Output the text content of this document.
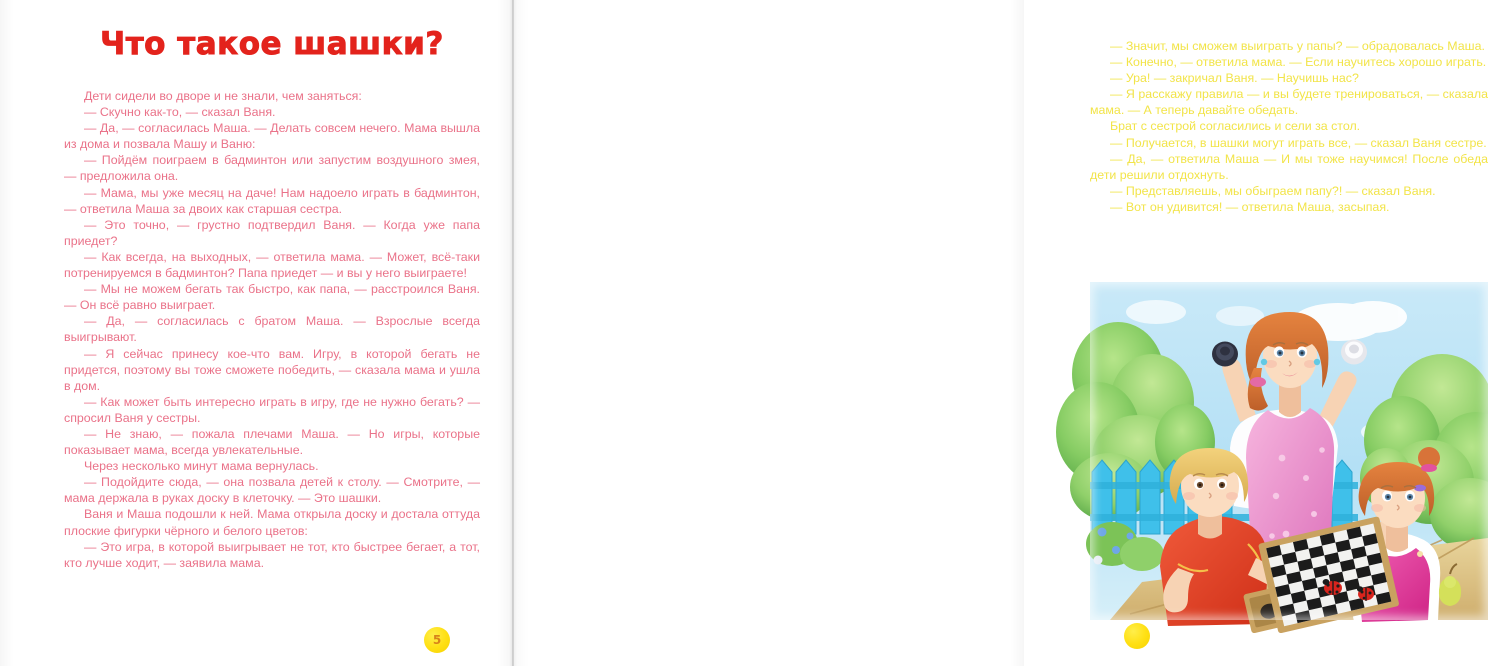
Что такое шашки?

Дети сидели во дворе и не знали, чем заняться:

— Скучно как-то, — сказал Ваня.

— Да, — согласилась Маша. — Делать совсем нечего. Мама вышла из дома и позвала Машу и Ваню:

— Пойдём поиграем в бадминтон или запустим воздушного змея, — предложила она.

— Мама, мы уже месяц на даче! Нам надоело играть в бадминтон, — ответила Маша за двоих как старшая сестра.

— Это точно, — грустно подтвердил Ваня. — Когда уже папа приедет?

— Как всегда, на выходных, — ответила мама. — Может, всё-таки потренируемся в бадминтон? Папа приедет — и вы у него выиграете!

— Мы не можем бегать так быстро, как папа, — расстроился Ваня. — Он всё равно выиграет.

— Да, — согласилась с братом Маша. — Взрослые всегда выигрывают.

— Я сейчас принесу кое-что вам. Игру, в которой бегать не придется, поэтому вы тоже сможете победить, — сказала мама и ушла в дом.

— Как может быть интересно играть в игру, где не нужно бегать? — спросил Ваня у сестры.

— Не знаю, — пожала плечами Маша. — Но игры, которые показывает мама, всегда увлекательные.

Через несколько минут мама вернулась.

— Подойдите сюда, — она позвала детей к столу. — Смотрите, — мама держала в руках доску в клеточку. — Это шашки.

Ваня и Маша подошли к ней. Мама открыла доску и достала оттуда плоские фигурки чёрного и белого цветов:

— Это игра, в которой выигрывает не тот, кто быстрее бегает, а тот, кто лучше ходит, — заявила мама.

5

— Значит, мы сможем выиграть у папы? — обрадовалась Маша.

— Конечно, — ответила мама. — Если научитесь хорошо играть.

— Ура! — закричал Ваня. — Научишь нас?

— Я расскажу правила — и вы будете тренироваться, — сказала мама. — А теперь давайте обедать.

Брат с сестрой согласились и сели за стол.

— Получается, в шашки могут играть все, — сказал Ваня сестре.

— Да, — ответила Маша — И мы тоже научимся! После обеда дети решили отдохнуть.

— Представляешь, мы обыграем папу?! — сказал Ваня.

— Вот он удивится! — ответила Маша, засыпая.
